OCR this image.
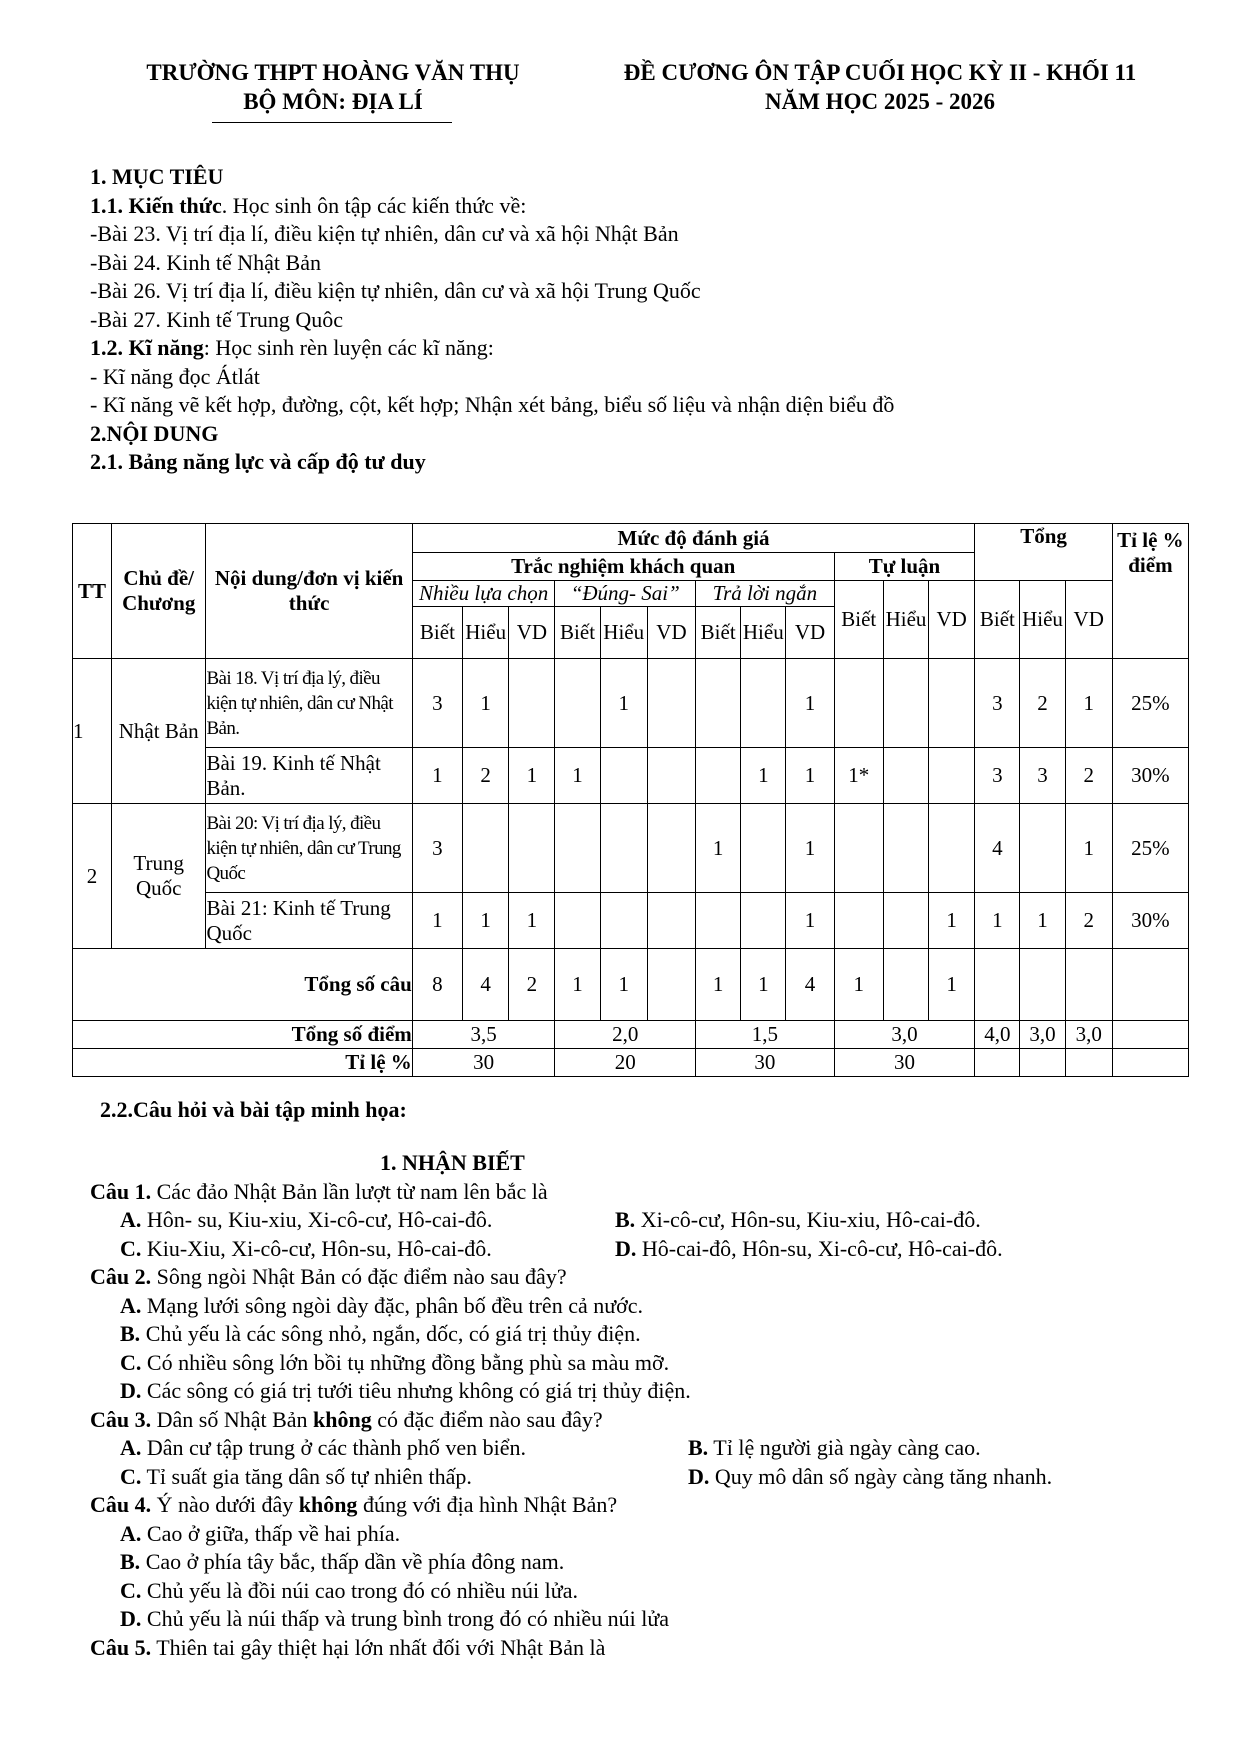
TRƯỜNG THPT HOÀNG VĂN THỤ
BỘ MÔN: ĐỊA LÍ
ĐỀ CƯƠNG ÔN TẬP CUỐI HỌC KỲ II - KHỐI 11
NĂM HỌC 2025 - 2026
1. MỤC TIÊU
1.1. Kiến thức. Học sinh ôn tập các kiến thức về:
-Bài 23. Vị trí địa lí, điều kiện tự nhiên, dân cư và xã hội Nhật Bản
-Bài 24. Kinh tế Nhật Bản
-Bài 26. Vị trí địa lí, điều kiện tự nhiên, dân cư và xã hội Trung Quốc
-Bài 27. Kinh tế Trung Quôc
1.2. Kĩ năng: Học sinh rèn luyện các kĩ năng:
- Kĩ năng đọc Átlát
- Kĩ năng vẽ kết hợp, đường, cột, kết hợp; Nhận xét bảng, biểu số liệu và nhận diện biểu đồ
2.NỘI DUNG
2.1. Bảng năng lực và cấp độ tư duy
TT	Chủ đề/ Chương	Nội dung/đơn vị kiến thức	Mức độ đánh giá												Tổng			Tỉ lệ % điểm
			Trắc nghiệm khách quan									Tự luận						
			Nhiều lựa chọn			“Đúng- Sai”			Trả lời ngắn			Biết	Hiểu	VD	Biết	Hiểu	VD	
			Biết	Hiểu	VD	Biết	Hiểu	VD	Biết	Hiểu	VD							
1	Nhật Bản	Bài 18. Vị trí địa lý, điều kiện tự nhiên, dân cư Nhật Bản.	3	1			1				1				3	2	1	25%
		Bài 19. Kinh tế Nhật Bản.	1	2	1	1				1	1	1*			3	3	2	30%
2	Trung Quốc	Bài 20: Vị trí địa lý, điều kiện tự nhiên, dân cư Trung Quốc	3						1		1				4		1	25%
		Bài 21: Kinh tế Trung Quốc	1	1	1						1			1	1	1	2	30%
Tổng số câu			8	4	2	1	1		1	1	4	1		1				
Tổng số điểm			3,5			2,0			1,5			3,0			4,0	3,0	3,0	
Tỉ lệ %			30			20			30			30						
2.2.Câu hỏi và bài tập minh họa:
1. NHẬN BIẾT
Câu 1. Các đảo Nhật Bản lần lượt từ nam lên bắc là
A. Hôn- su, Kiu-xiu, Xi-cô-cư, Hô-cai-đô.	B. Xi-cô-cư, Hôn-su, Kiu-xiu, Hô-cai-đô.
C. Kiu-Xiu, Xi-cô-cư, Hôn-su, Hô-cai-đô.	D. Hô-cai-đô, Hôn-su, Xi-cô-cư, Hô-cai-đô.
Câu 2. Sông ngòi Nhật Bản có đặc điểm nào sau đây?
A. Mạng lưới sông ngòi dày đặc, phân bố đều trên cả nước.
B. Chủ yếu là các sông nhỏ, ngắn, dốc, có giá trị thủy điện.
C. Có nhiều sông lớn bồi tụ những đồng bằng phù sa màu mỡ.
D. Các sông có giá trị tưới tiêu nhưng không có giá trị thủy điện.
Câu 3. Dân số Nhật Bản không có đặc điểm nào sau đây?
A. Dân cư tập trung ở các thành phố ven biển.	B. Tỉ lệ người già ngày càng cao.
C. Tỉ suất gia tăng dân số tự nhiên thấp.	D. Quy mô dân số ngày càng tăng nhanh.
Câu 4. Ý nào dưới đây không đúng với địa hình Nhật Bản?
A. Cao ở giữa, thấp về hai phía.
B. Cao ở phía tây bắc, thấp dần về phía đông nam.
C. Chủ yếu là đồi núi cao trong đó có nhiều núi lửa.
D. Chủ yếu là núi thấp và trung bình trong đó có nhiều núi lửa
Câu 5. Thiên tai gây thiệt hại lớn nhất đối với Nhật Bản là
